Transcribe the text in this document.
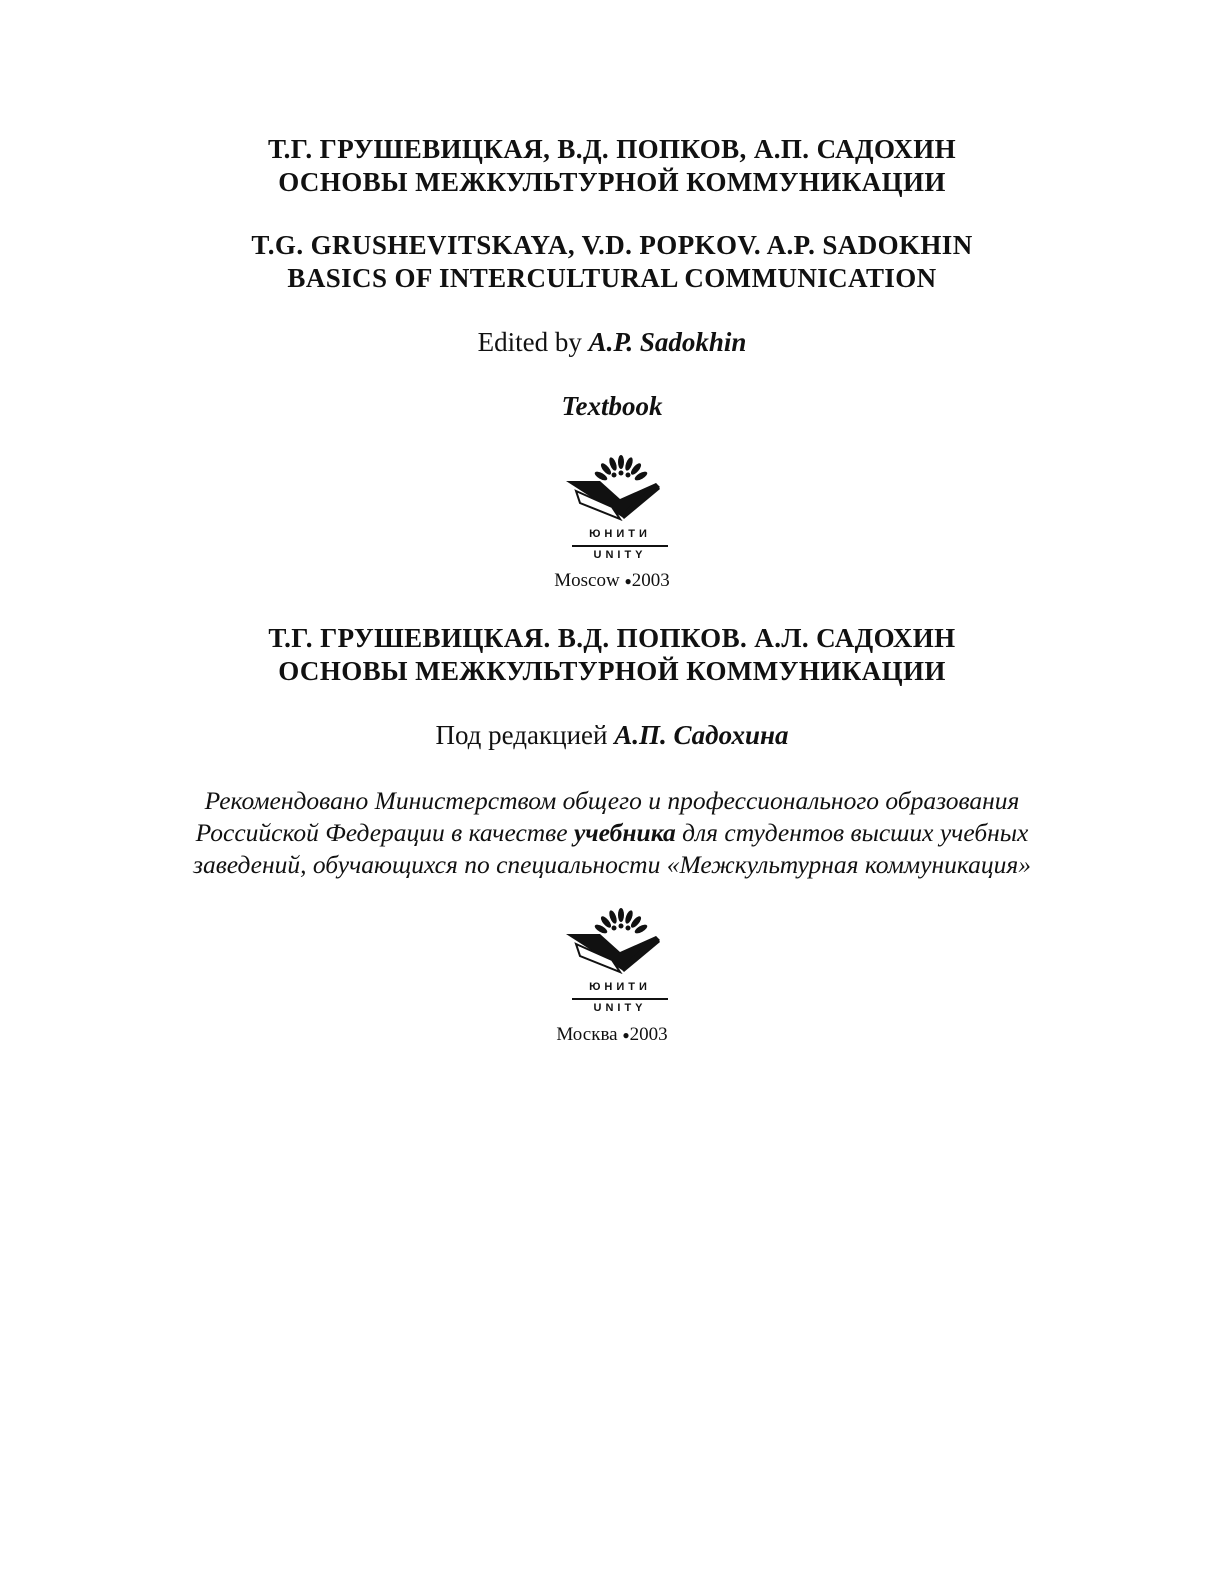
Т.Г. ГРУШЕВИЦКАЯ, В.Д. ПОПКОВ, А.П. САДОХИН
ОСНОВЫ МЕЖКУЛЬТУРНОЙ КОММУНИКАЦИИ
T.G. GRUSHEVITSKAYA, V.D. POPKOV. A.P. SADOKHIN
BASICS OF INTERCULTURAL COMMUNICATION
Edited by A.P. Sadokhin
Textbook
ЮНИТИ
UNITY
Moscow ●2003
Т.Г. ГРУШЕВИЦКАЯ. В.Д. ПОПКОВ. А.Л. САДОХИН
ОСНОВЫ МЕЖКУЛЬТУРНОЙ КОММУНИКАЦИИ
Под редакцией А.П. Садохина
Рекомендовано Министерством общего и профессионального образования
Российской Федерации в качестве учебника для студентов высших учебных
заведений, обучающихся по специальности «Межкультурная коммуникация»
ЮНИТИ
UNITY
Москва ●2003
